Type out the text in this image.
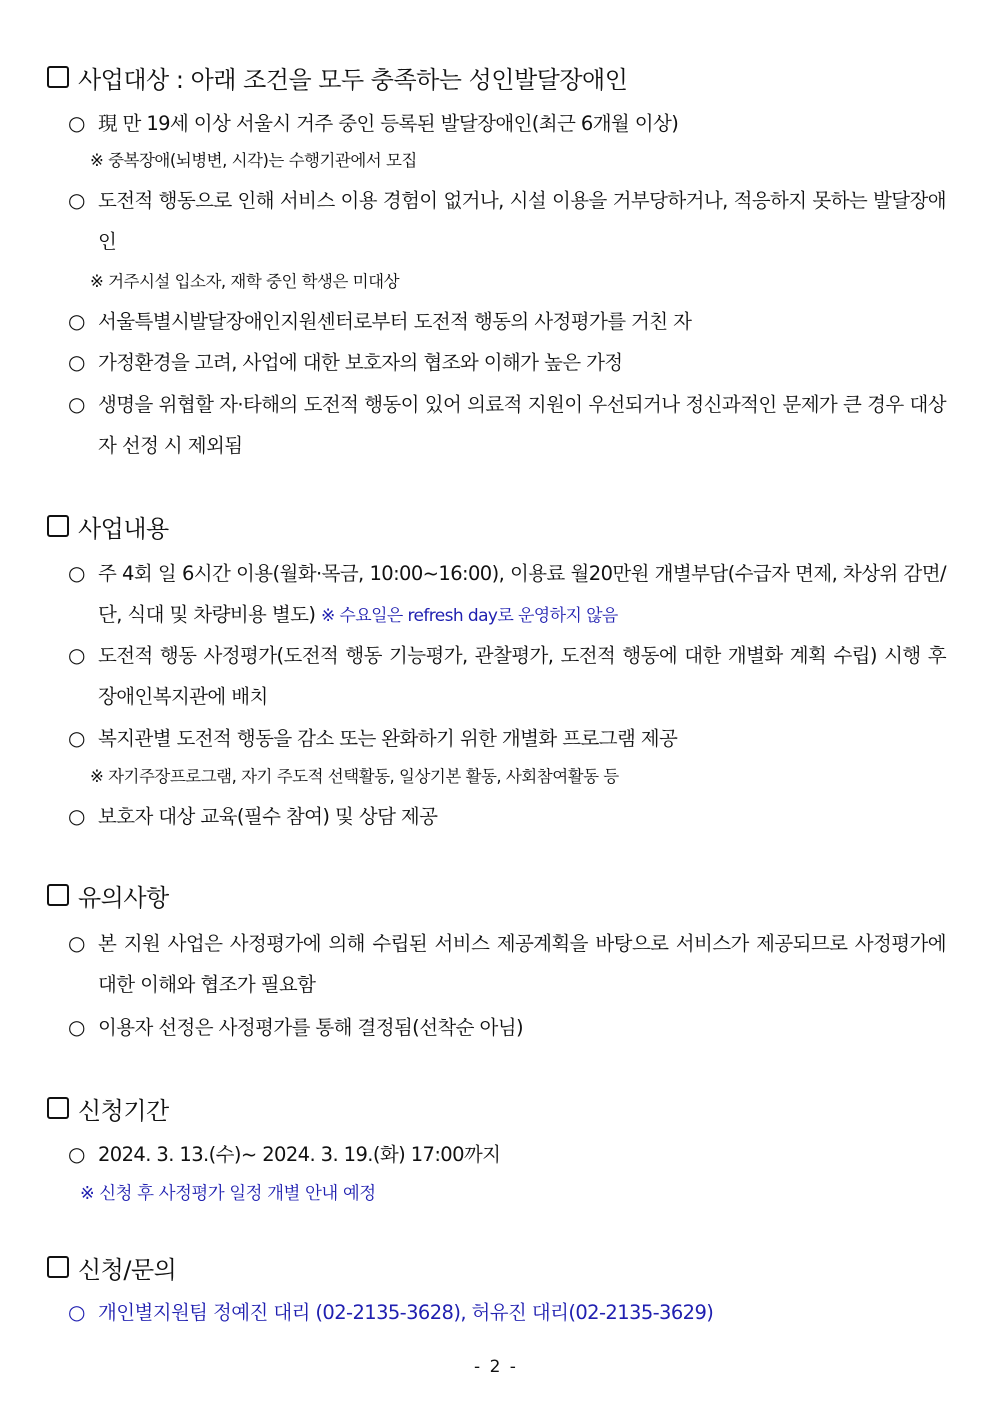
사업대상 : 아래 조건을 모두 충족하는 성인발달장애인
○ 現 만 19세 이상 서울시 거주 중인 등록된 발달장애인(최근 6개월 이상)
※ 중복장애(뇌병변, 시각)는 수행기관에서 모집
○ 도전적 행동으로 인해 서비스 이용 경험이 없거나, 시설 이용을 거부당하거나, 적응하지 못하는 발달장애인
※ 거주시설 입소자, 재학 중인 학생은 미대상
○ 서울특별시발달장애인지원센터로부터 도전적 행동의 사정평가를 거친 자
○ 가정환경을 고려, 사업에 대한 보호자의 협조와 이해가 높은 가정
○ 생명을 위협할 자·타해의 도전적 행동이 있어 의료적 지원이 우선되거나 정신과적인 문제가 큰 경우 대상자 선정 시 제외됨
사업내용
○ 주 4회 일 6시간 이용(월화·목금, 10:00~16:00), 이용료 월20만원 개별부담(수급자 면제, 차상위 감면/ 단, 식대 및 차량비용 별도) ※ 수요일은 refresh day로 운영하지 않음
○ 도전적 행동 사정평가(도전적 행동 기능평가, 관찰평가, 도전적 행동에 대한 개별화 계획 수립) 시행 후 장애인복지관에 배치
○ 복지관별 도전적 행동을 감소 또는 완화하기 위한 개별화 프로그램 제공
※ 자기주장프로그램, 자기 주도적 선택활동, 일상기본 활동, 사회참여활동 등
○ 보호자 대상 교육(필수 참여) 및 상담 제공
유의사항
○ 본 지원 사업은 사정평가에 의해 수립된 서비스 제공계획을 바탕으로 서비스가 제공되므로 사정평가에 대한 이해와 협조가 필요함
○ 이용자 선정은 사정평가를 통해 결정됨(선착순 아님)
신청기간
○ 2024. 3. 13.(수)~ 2024. 3. 19.(화) 17:00까지
※ 신청 후 사정평가 일정 개별 안내 예정
신청/문의
○ 개인별지원팀 정예진 대리 (02-2135-3628), 허유진 대리(02-2135-3629)
- 2 -
